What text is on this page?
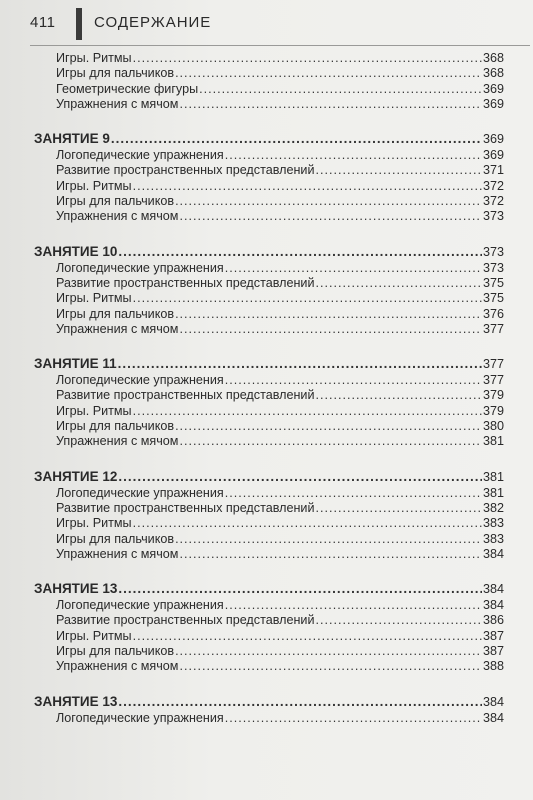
411	СОДЕРЖАНИЕ
Игры. Ритмы .....	368
Игры для пальчиков .....	368
Геометрические фигуры .....	369
Упражнения с мячом .....	369
ЗАНЯТИЕ 9 .....	369
Логопедические упражнения .....	369
Развитие пространственных представлений .....	371
Игры. Ритмы .....	372
Игры для пальчиков .....	372
Упражнения с мячом .....	373
ЗАНЯТИЕ 10 .....	373
Логопедические упражнения .....	373
Развитие пространственных представлений .....	375
Игры. Ритмы .....	375
Игры для пальчиков .....	376
Упражнения с мячом .....	377
ЗАНЯТИЕ 11 .....	377
Логопедические упражнения .....	377
Развитие пространственных представлений .....	379
Игры. Ритмы .....	379
Игры для пальчиков .....	380
Упражнения с мячом .....	381
ЗАНЯТИЕ 12 .....	381
Логопедические упражнения .....	381
Развитие пространственных представлений .....	382
Игры. Ритмы .....	383
Игры для пальчиков .....	383
Упражнения с мячом .....	384
ЗАНЯТИЕ 13 .....	384
Логопедические упражнения .....	384
Развитие пространственных представлений .....	386
Игры. Ритмы .....	387
Игры для пальчиков .....	387
Упражнения с мячом .....	388
ЗАНЯТИЕ 13 .....	384
Логопедические упражнения .....	384
